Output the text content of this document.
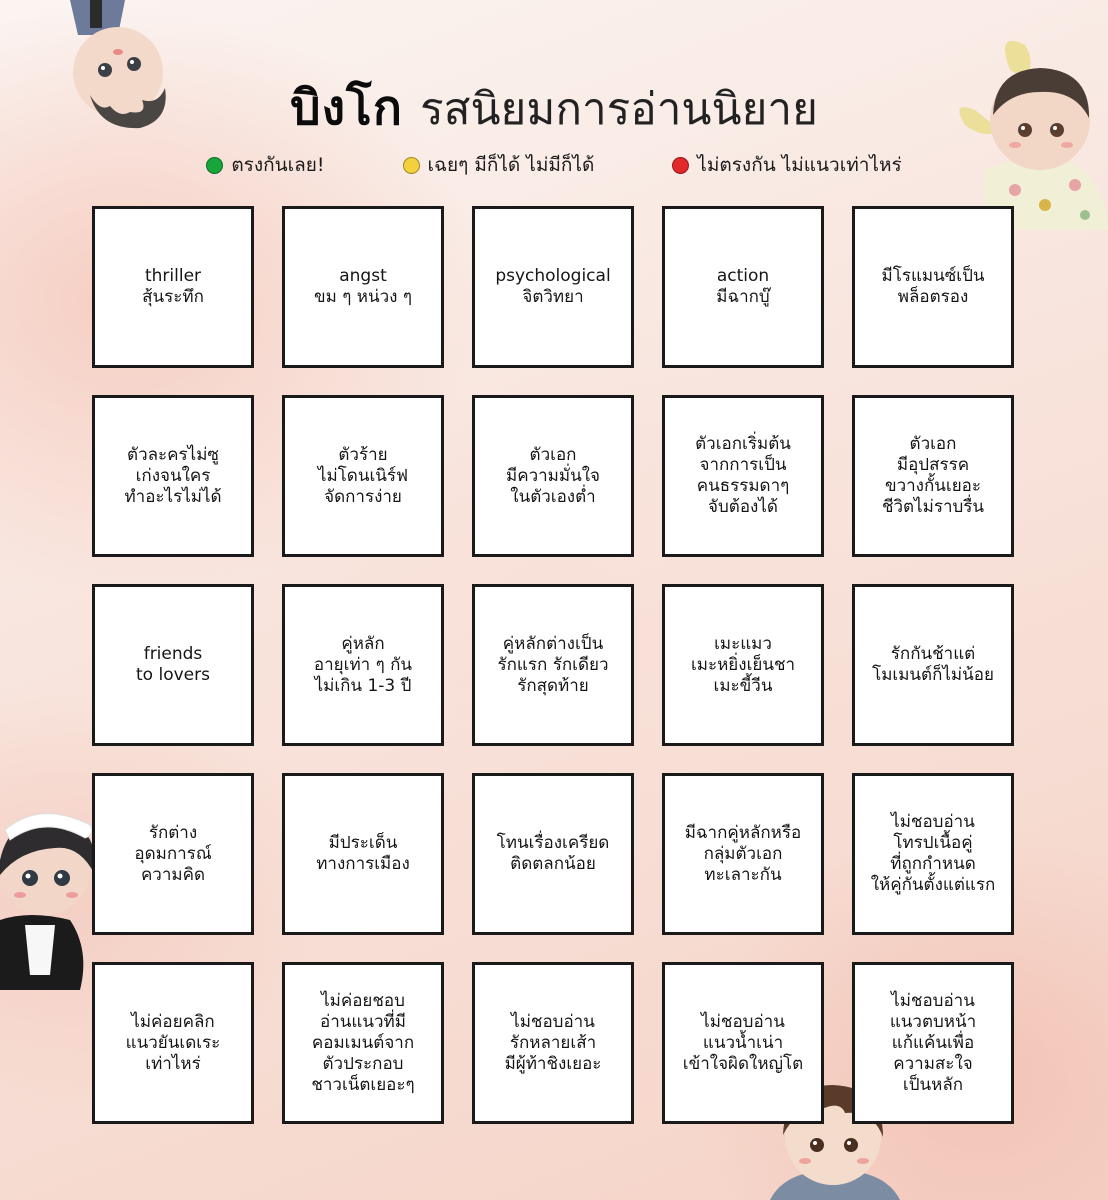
บิงโก รสนิยมการอ่านนิยาย
ตรงกันเลย!	เฉยๆ มีก็ได้ ไม่มีก็ได้	ไม่ตรงกัน ไม่แนวเท่าไหร่
thriller
สุ้นระทึก
angst
ขม ๆ หน่วง ๆ
psychological
จิตวิทยา
action
มีฉากบู๊
มีโรแมนซ์เป็น
พล็อตรอง
ตัวละครไม่ซู
เก่งจนใคร
ทำอะไรไม่ได้
ตัวร้าย
ไม่โดนเนิร์ฟ
จัดการง่าย
ตัวเอก
มีความมั่นใจ
ในตัวเองต่ำ
ตัวเอกเริ่มต้น
จากการเป็น
คนธรรมดาๆ
จับต้องได้
ตัวเอก
มีอุปสรรค
ขวางกั้นเยอะ
ชีวิตไม่ราบรื่น
friends
to lovers
คู่หลัก
อายุเท่า ๆ กัน
ไม่เกิน 1-3 ปี
คู่หลักต่างเป็น
รักแรก รักเดียว
รักสุดท้าย
เมะแมว
เมะหยิ่งเย็นชา
เมะขี้วีน
รักกันช้าแต่
โมเมนต์ก็ไม่น้อย
รักต่าง
อุดมการณ์
ความคิด
มีประเด็น
ทางการเมือง
โทนเรื่องเครียด
ติดตลกน้อย
มีฉากคู่หลักหรือ
กลุ่มตัวเอก
ทะเลาะกัน
ไม่ชอบอ่าน
โทรปเนื้อคู่
ที่ถูกกำหนด
ให้คู่กันตั้งแต่แรก
ไม่ค่อยคลิก
แนวยันเดเระ
เท่าไหร่
ไม่ค่อยชอบ
อ่านแนวที่มี
คอมเมนต์จาก
ตัวประกอบ
ชาวเน็ตเยอะๆ
ไม่ชอบอ่าน
รักหลายเส้า
มีผู้ท้าชิงเยอะ
ไม่ชอบอ่าน
แนวน้ำเน่า
เข้าใจผิดใหญ่โต
ไม่ชอบอ่าน
แนวตบหน้า
แก้แค้นเพื่อ
ความสะใจ
เป็นหลัก
